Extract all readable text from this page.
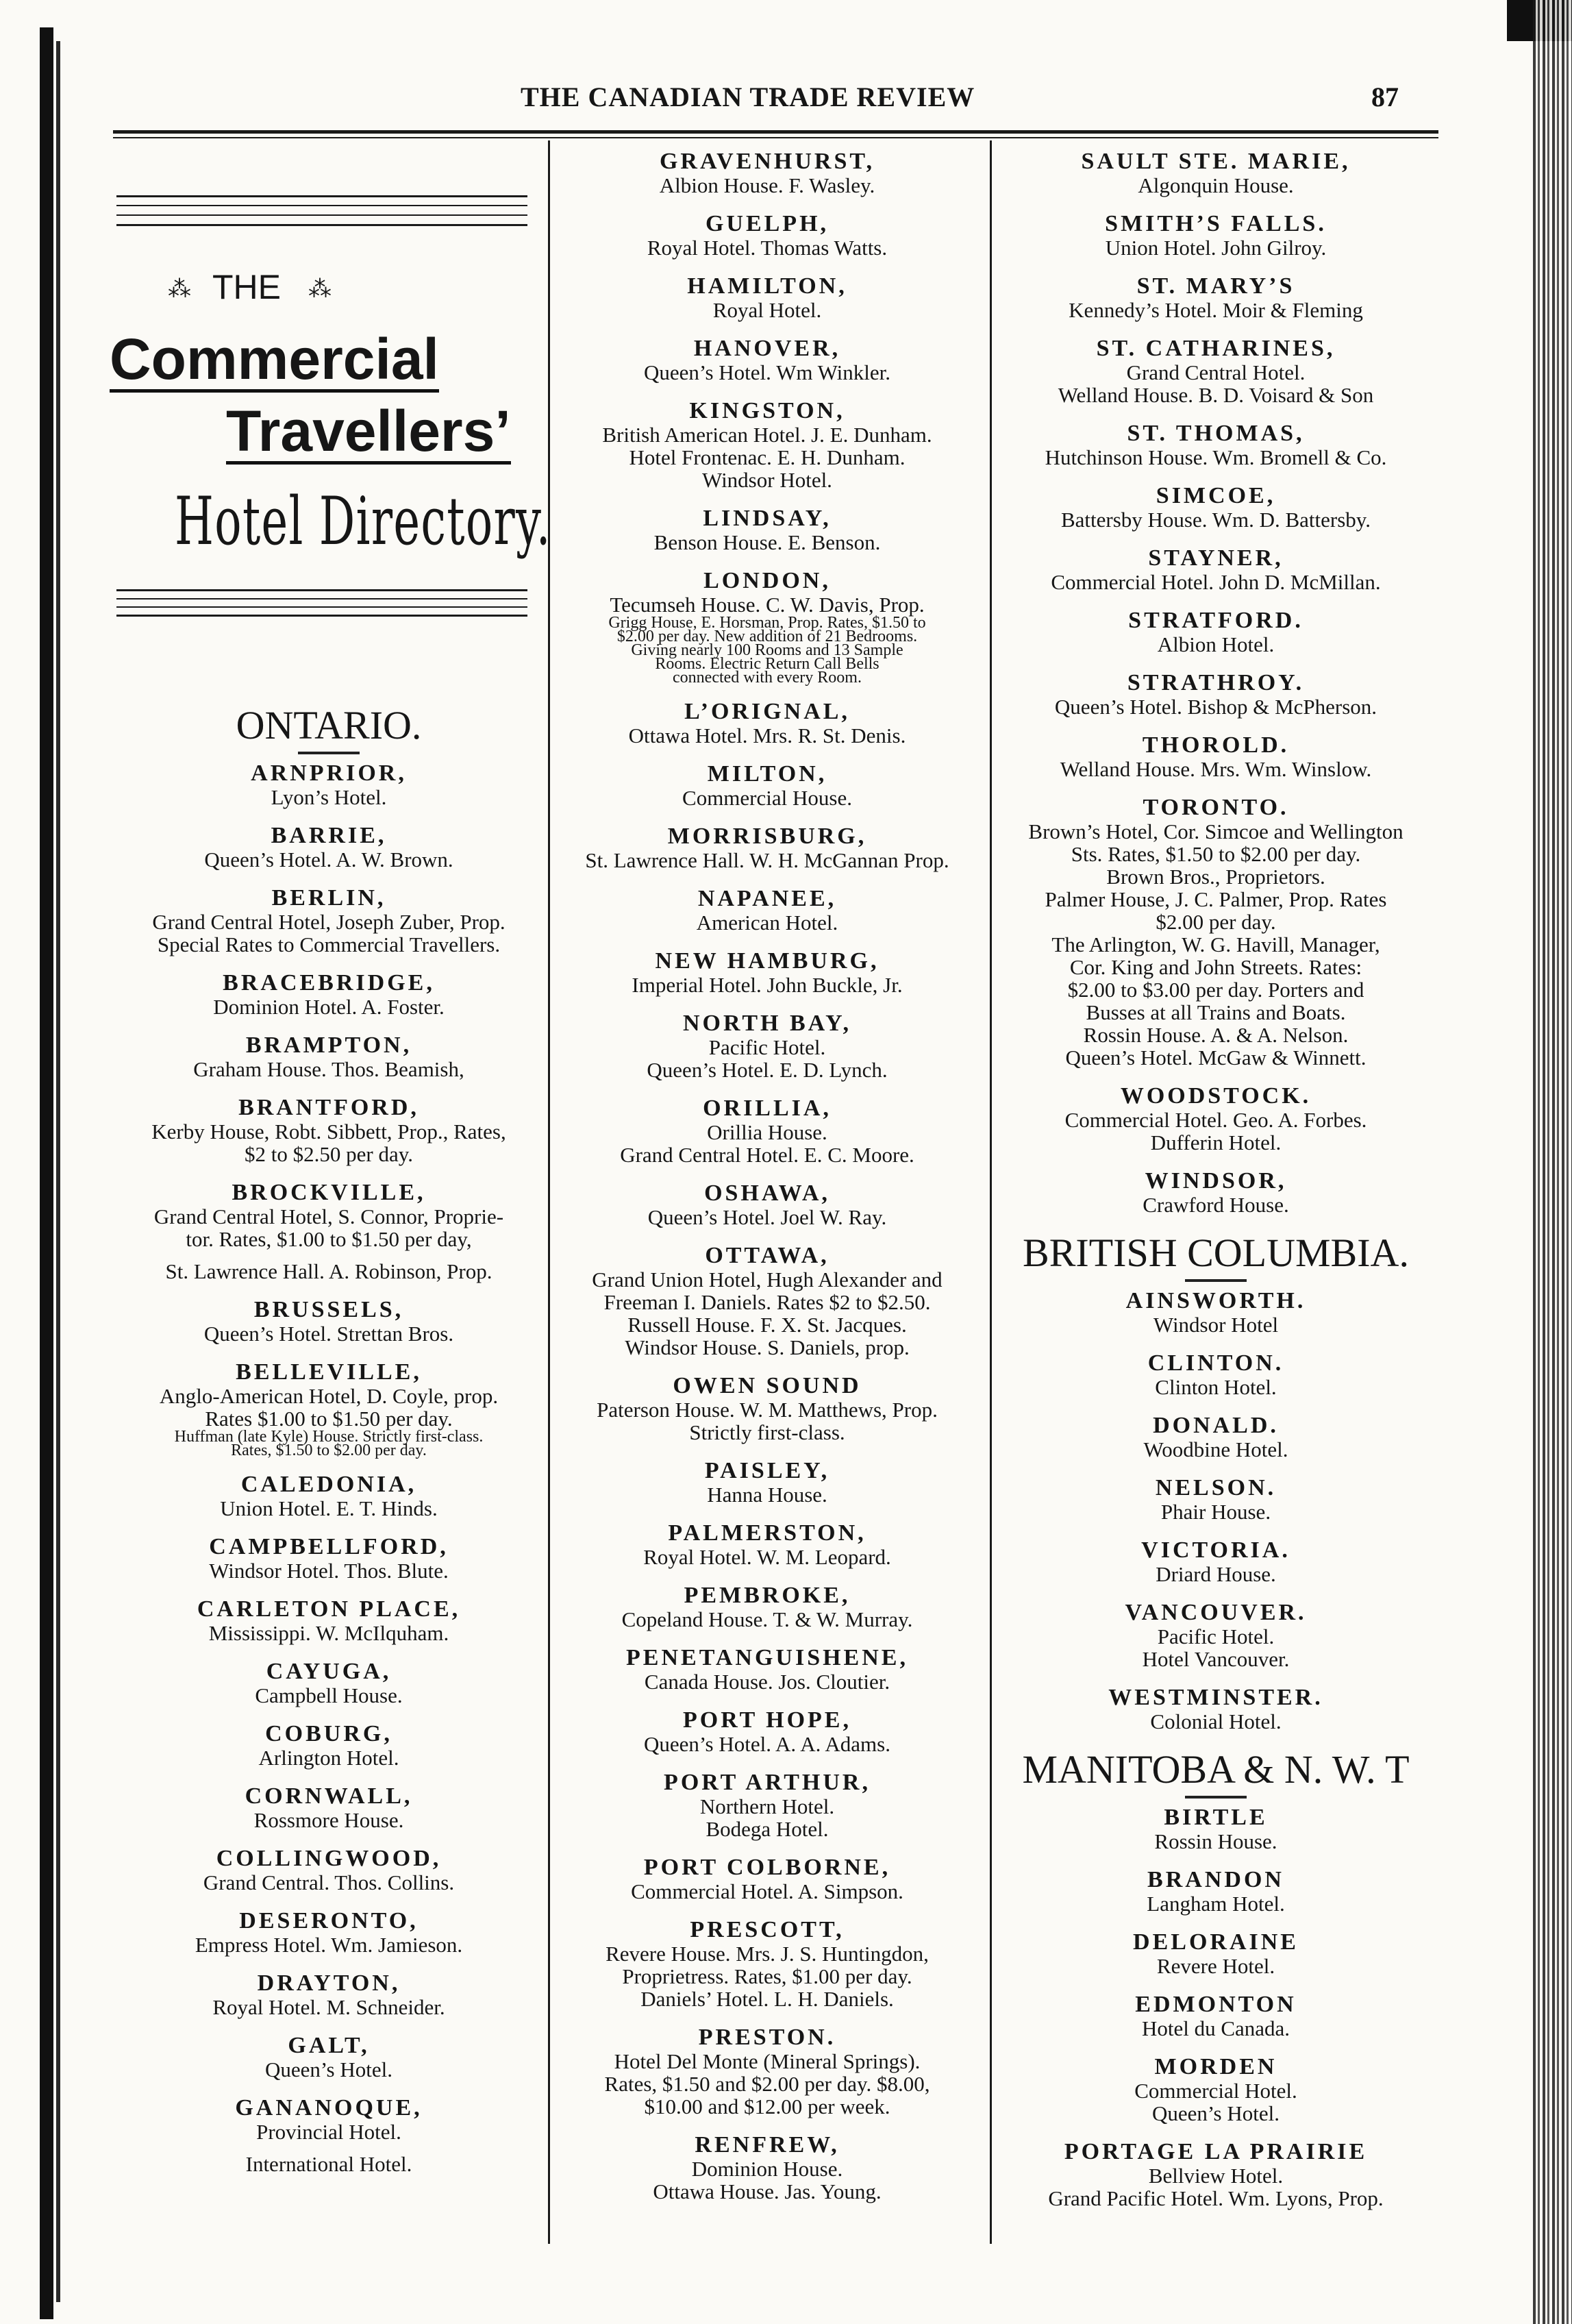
THE CANADIAN TRADE REVIEW	87
⁂ THE ⁂
Commercial
Travellers’
Hotel Directory.
ONTARIO.
ARNPRIOR,
Lyon’s Hotel.
BARRIE,
Queen’s Hotel. A. W. Brown.
BERLIN,
Grand Central Hotel, Joseph Zuber, Prop.
Special Rates to Commercial Travellers.
BRACEBRIDGE,
Dominion Hotel. A. Foster.
BRAMPTON,
Graham House. Thos. Beamish,
BRANTFORD,
Kerby House, Robt. Sibbett, Prop., Rates,
$2 to $2.50 per day.
BROCKVILLE,
Grand Central Hotel, S. Connor, Proprie-
tor. Rates, $1.00 to $1.50 per day,
St. Lawrence Hall. A. Robinson, Prop.
BRUSSELS,
Queen’s Hotel. Strettan Bros.
BELLEVILLE,
Anglo-American Hotel, D. Coyle, prop.
Rates $1.00 to $1.50 per day.
Huffman (late Kyle) House. Strictly first-class.
Rates, $1.50 to $2.00 per day.
CALEDONIA,
Union Hotel. E. T. Hinds.
CAMPBELLFORD,
Windsor Hotel. Thos. Blute.
CARLETON PLACE,
Mississippi. W. McIlquham.
CAYUGA,
Campbell House.
COBURG,
Arlington Hotel.
CORNWALL,
Rossmore House.
COLLINGWOOD,
Grand Central. Thos. Collins.
DESERONTO,
Empress Hotel. Wm. Jamieson.
DRAYTON,
Royal Hotel. M. Schneider.
GALT,
Queen’s Hotel.
GANANOQUE,
Provincial Hotel.
International Hotel.
GRAVENHURST,
Albion House. F. Wasley.
GUELPH,
Royal Hotel. Thomas Watts.
HAMILTON,
Royal Hotel.
HANOVER,
Queen’s Hotel. Wm Winkler.
KINGSTON,
British American Hotel. J. E. Dunham.
Hotel Frontenac. E. H. Dunham.
Windsor Hotel.
LINDSAY,
Benson House. E. Benson.
LONDON,
Tecumseh House. C. W. Davis, Prop.
Grigg House, E. Horsman, Prop. Rates, $1.50 to
$2.00 per day. New addition of 21 Bedrooms.
Giving nearly 100 Rooms and 13 Sample
Rooms. Electric Return Call Bells
connected with every Room.
L’ORIGNAL,
Ottawa Hotel. Mrs. R. St. Denis.
MILTON,
Commercial House.
MORRISBURG,
St. Lawrence Hall. W. H. McGannan Prop.
NAPANEE,
American Hotel.
NEW HAMBURG,
Imperial Hotel. John Buckle, Jr.
NORTH BAY,
Pacific Hotel.
Queen’s Hotel. E. D. Lynch.
ORILLIA,
Orillia House.
Grand Central Hotel. E. C. Moore.
OSHAWA,
Queen’s Hotel. Joel W. Ray.
OTTAWA,
Grand Union Hotel, Hugh Alexander and
Freeman I. Daniels. Rates $2 to $2.50.
Russell House. F. X. St. Jacques.
Windsor House. S. Daniels, prop.
OWEN SOUND
Paterson House. W. M. Matthews, Prop.
Strictly first-class.
PAISLEY,
Hanna House.
PALMERSTON,
Royal Hotel. W. M. Leopard.
PEMBROKE,
Copeland House. T. & W. Murray.
PENETANGUISHENE,
Canada House. Jos. Cloutier.
PORT HOPE,
Queen’s Hotel. A. A. Adams.
PORT ARTHUR,
Northern Hotel.
Bodega Hotel.
PORT COLBORNE,
Commercial Hotel. A. Simpson.
PRESCOTT,
Revere House. Mrs. J. S. Huntingdon,
Proprietress. Rates, $1.00 per day.
Daniels’ Hotel. L. H. Daniels.
PRESTON.
Hotel Del Monte (Mineral Springs).
Rates, $1.50 and $2.00 per day. $8.00,
$10.00 and $12.00 per week.
RENFREW,
Dominion House.
Ottawa House. Jas. Young.
SAULT STE. MARIE,
Algonquin House.
SMITH’S FALLS.
Union Hotel. John Gilroy.
ST. MARY’S
Kennedy’s Hotel. Moir & Fleming
ST. CATHARINES,
Grand Central Hotel.
Welland House. B. D. Voisard & Son
ST. THOMAS,
Hutchinson House. Wm. Bromell & Co.
SIMCOE,
Battersby House. Wm. D. Battersby.
STAYNER,
Commercial Hotel. John D. McMillan.
STRATFORD.
Albion Hotel.
STRATHROY.
Queen’s Hotel. Bishop & McPherson.
THOROLD.
Welland House. Mrs. Wm. Winslow.
TORONTO.
Brown’s Hotel, Cor. Simcoe and Wellington
Sts. Rates, $1.50 to $2.00 per day.
Brown Bros., Proprietors.
Palmer House, J. C. Palmer, Prop. Rates
$2.00 per day.
The Arlington, W. G. Havill, Manager,
Cor. King and John Streets. Rates:
$2.00 to $3.00 per day. Porters and
Busses at all Trains and Boats.
Rossin House. A. & A. Nelson.
Queen’s Hotel. McGaw & Winnett.
WOODSTOCK.
Commercial Hotel. Geo. A. Forbes.
Dufferin Hotel.
WINDSOR,
Crawford House.
BRITISH COLUMBIA.
AINSWORTH.
Windsor Hotel
CLINTON.
Clinton Hotel.
DONALD.
Woodbine Hotel.
NELSON.
Phair House.
VICTORIA.
Driard House.
VANCOUVER.
Pacific Hotel.
Hotel Vancouver.
WESTMINSTER.
Colonial Hotel.
MANITOBA & N. W. T
BIRTLE
Rossin House.
BRANDON
Langham Hotel.
DELORAINE
Revere Hotel.
EDMONTON
Hotel du Canada.
MORDEN
Commercial Hotel.
Queen’s Hotel.
PORTAGE LA PRAIRIE
Bellview Hotel.
Grand Pacific Hotel. Wm. Lyons, Prop.
